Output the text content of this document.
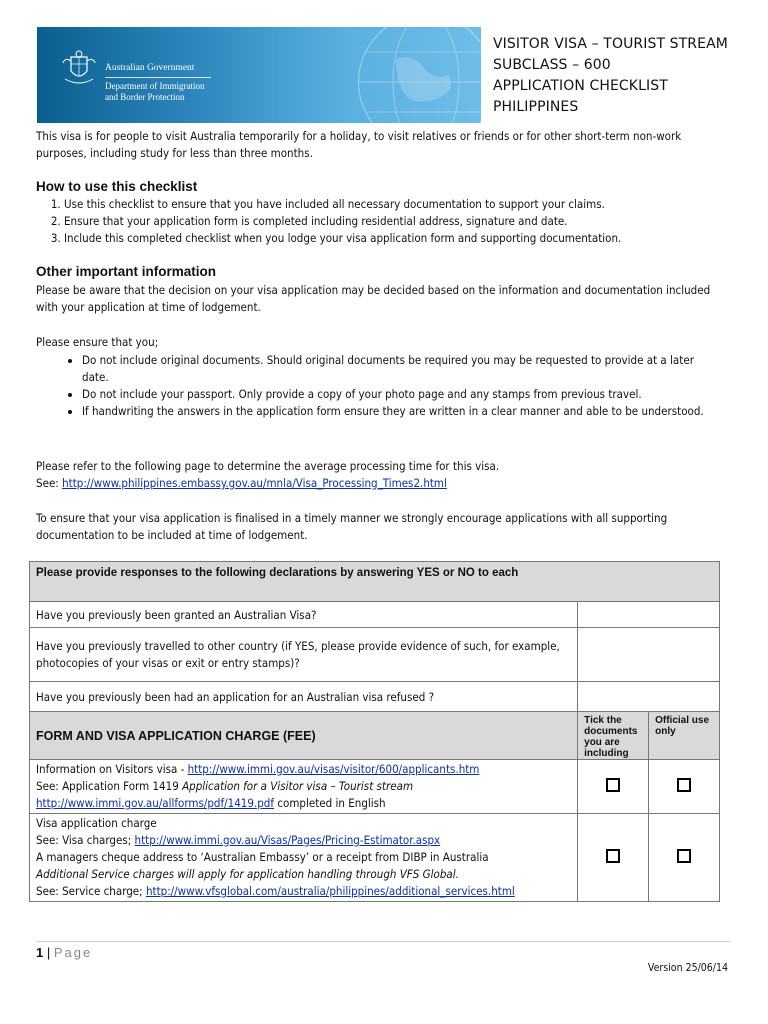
Australian Government
Department of Immigration
and Border Protection
VISITOR VISA – TOURIST STREAM
SUBCLASS – 600
APPLICATION CHECKLIST
PHILIPPINES
This visa is for people to visit Australia temporarily for a holiday, to visit relatives or friends or for other short-term non-work purposes, including study for less than three months.
How to use this checklist
1. Use this checklist to ensure that you have included all necessary documentation to support your claims.
2. Ensure that your application form is completed including residential address, signature and date.
3. Include this completed checklist when you lodge your visa application form and supporting documentation.
Other important information
Please be aware that the decision on your visa application may be decided based on the information and documentation included with your application at time of lodgement.
Please ensure that you;
• Do not include original documents. Should original documents be required you may be requested to provide at a later date.
• Do not include your passport. Only provide a copy of your photo page and any stamps from previous travel.
• If handwriting the answers in the application form ensure they are written in a clear manner and able to be understood.
Please refer to the following page to determine the average processing time for this visa.
See: http://www.philippines.embassy.gov.au/mnla/Visa_Processing_Times2.html
To ensure that your visa application is finalised in a timely manner we strongly encourage applications with all supporting documentation to be included at time of lodgement.
Please provide responses to the following declarations by answering YES or NO to each		
Have you previously been granted an Australian Visa?		
Have you previously travelled to other country (if YES, please provide evidence of such, for example, photocopies of your visas or exit or entry stamps)?		
Have you previously been had an application for an Australian visa refused ?		
FORM AND VISA APPLICATION CHARGE (FEE)	Tick the documents you are including	Official use only

Information on Visitors visa - http://www.immi.gov.au/visas/visitor/600/applicants.htm
See: Application Form 1419 Application for a Visitor visa – Tourist stream
http://www.immi.gov.au/allforms/pdf/1419.pdf completed in English		

Visa application charge
See: Visa charges; http://www.immi.gov.au/Visas/Pages/Pricing-Estimator.aspx
A managers cheque address to ‘Australian Embassy’ or a receipt from DIBP in Australia
Additional Service charges will apply for application handling through VFS Global.
See: Service charge; http://www.vfsglobal.com/australia/philippines/additional_services.html		

1 | Page
Version 25/06/14
